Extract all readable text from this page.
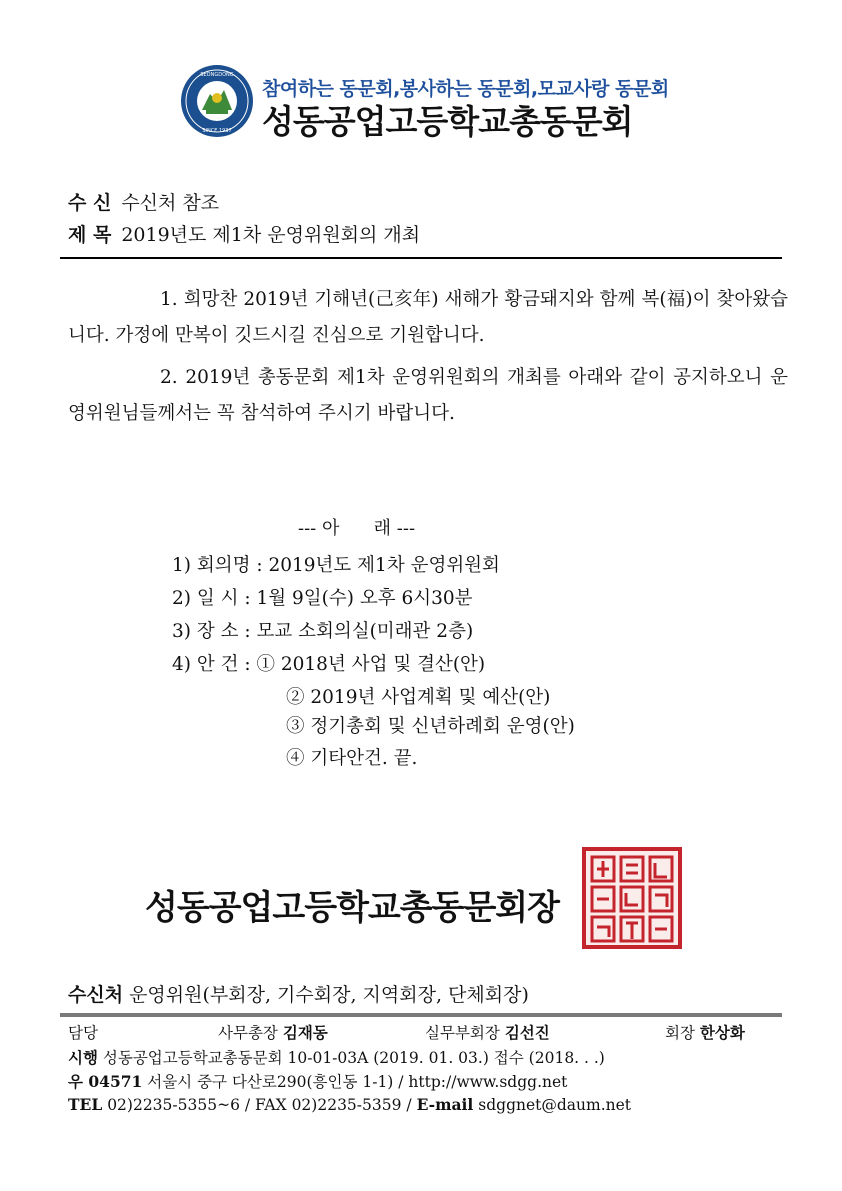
SEONGDONG
SINCE 1937
참여하는 동문회,봉사하는 동문회,모교사랑 동문회
성동공업고등학교총동문회
수 신 수신처 참조
제 목 2019년도 제1차 운영위원회의 개최
1. 희망찬 2019년 기해년(己亥年) 새해가 황금돼지와 함께 복(福)이 찾아왔습니다. 가정에 만복이 깃드시길 진심으로 기원합니다.
2. 2019년 총동문회 제1차 운영위원회의 개최를 아래와 같이 공지하오니 운영위원님들께서는 꼭 참석하여 주시기 바랍니다.
--- 아      래 ---
1) 회의명 : 2019년도 제1차 운영위원회
2) 일 시 : 1월 9일(수) 오후 6시30분
3) 장 소 : 모교 소회의실(미래관 2층)
4) 안 건 : ① 2018년 사업 및 결산(안)
② 2019년 사업계획 및 예산(안)
③ 정기총회 및 신년하례회 운영(안)
④ 기타안건. 끝.
성동공업고등학교총동문회장
수신처 운영위원(부회장, 기수회장, 지역회장, 단체회장)
담당	사무총장 김재동	실무부회장 김선진	회장 한상화
시행 성동공업고등학교총동문회 10-01-03A (2019. 01. 03.) 접수 (2018. . .)
우 04571 서울시 중구 다산로290(흥인동 1-1) / http://www.sdgg.net
TEL 02)2235-5355~6 / FAX 02)2235-5359 / E-mail sdggnet@daum.net
